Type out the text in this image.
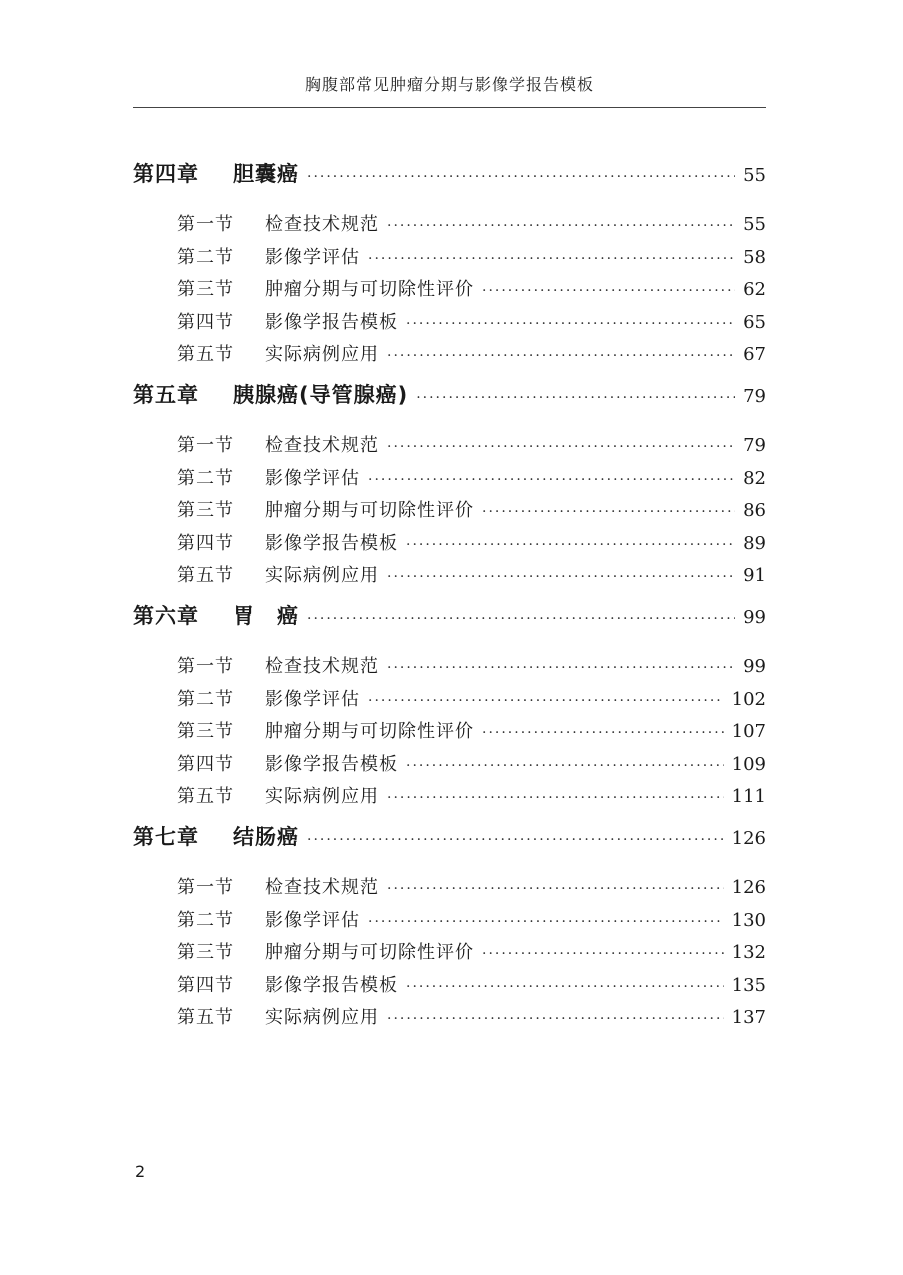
胸腹部常见肿瘤分期与影像学报告模板
第四章	胆囊癌 ·····	55
第一节	检查技术规范 ·····	55
第二节	影像学评估 ·····	58
第三节	肿瘤分期与可切除性评价 ·····	62
第四节	影像学报告模板 ·····	65
第五节	实际病例应用 ·····	67
第五章	胰腺癌(导管腺癌) ·····	79
第一节	检查技术规范 ·····	79
第二节	影像学评估 ·····	82
第三节	肿瘤分期与可切除性评价 ·····	86
第四节	影像学报告模板 ·····	89
第五节	实际病例应用 ·····	91
第六章	胃　癌 ·····	99
第一节	检查技术规范 ·····	99
第二节	影像学评估 ·····	102
第三节	肿瘤分期与可切除性评价 ·····	107
第四节	影像学报告模板 ·····	109
第五节	实际病例应用 ·····	111
第七章	结肠癌 ·····	126
第一节	检查技术规范 ·····	126
第二节	影像学评估 ·····	130
第三节	肿瘤分期与可切除性评价 ·····	132
第四节	影像学报告模板 ·····	135
第五节	实际病例应用 ·····	137
2
